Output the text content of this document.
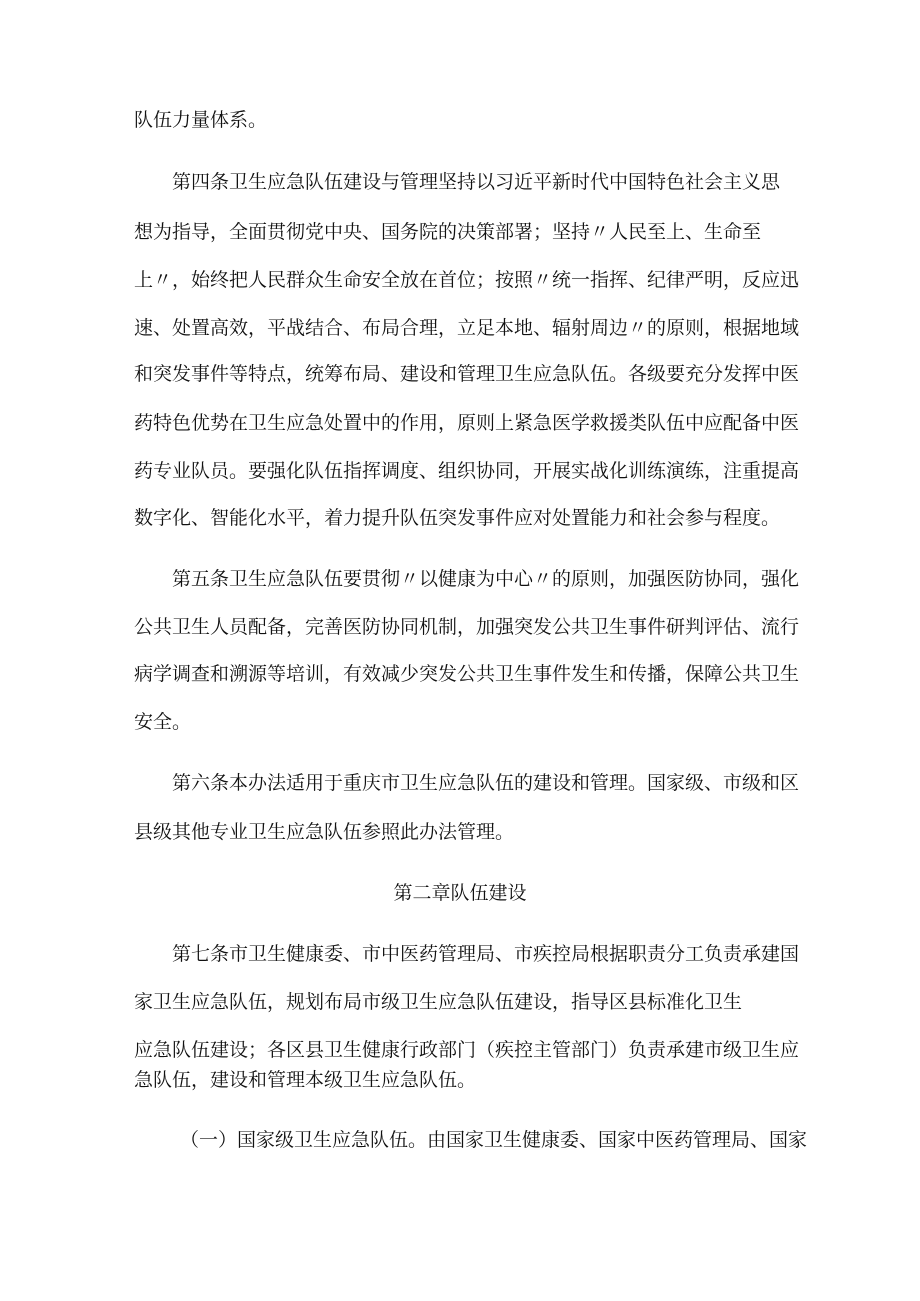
队伍力量体系。
第四条卫生应急队伍建设与管理坚持以习近平新时代中国特色社会主义思
想为指导，全面贯彻党中央、国务院的决策部署；坚持〃人民至上、生命至
上〃，始终把人民群众生命安全放在首位；按照〃统一指挥、纪律严明，反应迅
速、处置高效，平战结合、布局合理，立足本地、辐射周边〃的原则，根据地域
和突发事件等特点，统筹布局、建设和管理卫生应急队伍。各级要充分发挥中医
药特色优势在卫生应急处置中的作用，原则上紧急医学救援类队伍中应配备中医
药专业队员。要强化队伍指挥调度、组织协同，开展实战化训练演练，注重提高
数字化、智能化水平，着力提升队伍突发事件应对处置能力和社会参与程度。
第五条卫生应急队伍要贯彻〃以健康为中心〃的原则，加强医防协同，强化
公共卫生人员配备，完善医防协同机制，加强突发公共卫生事件研判评估、流行
病学调查和溯源等培训，有效减少突发公共卫生事件发生和传播，保障公共卫生
安全。
第六条本办法适用于重庆市卫生应急队伍的建设和管理。国家级、市级和区
县级其他专业卫生应急队伍参照此办法管理。
第二章队伍建设
第七条市卫生健康委、市中医药管理局、市疾控局根据职责分工负责承建国
家卫生应急队伍，规划布局市级卫生应急队伍建设，指导区县标准化卫生
应急队伍建设；各区县卫生健康行政部门（疾控主管部门）负责承建市级卫生应
急队伍，建设和管理本级卫生应急队伍。
（一）国家级卫生应急队伍。由国家卫生健康委、国家中医药管理局、国家
